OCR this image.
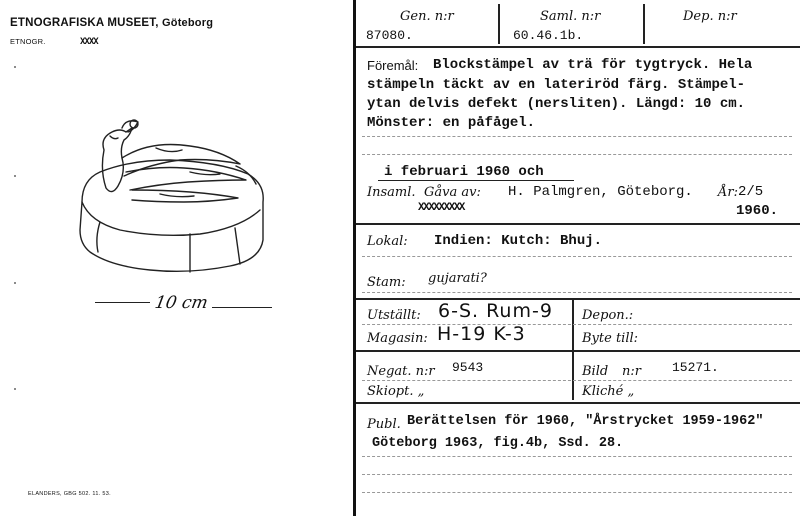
ETNOGRAFISKA MUSEET, Göteborg
ETNOGR.	XXXX
10 cm
ELANDERS, GBG 502. 11. 53.
Gen. n:r	Saml. n:r	Dep. n:r
87080.	60.46.1b.
Föremål: Blockstämpel av trä för tygtryck. Hela
stämpeln täckt av en lateriröd färg. Stämpel-
ytan delvis defekt (nersliten). Längd: 10 cm.
Mönster: en påfågel.
i februari 1960 och
Insaml. Gåva av: H. Palmgren, Göteborg. År: 2/5
XXXXXXXXX	1960.
Lokal: Indien: Kutch: Bhuj.
Stam: gujarati?
Utställt: 6-S. Rum-9 Depon.:
Magasin: H-19 K-3	Byte till:
Negat. n:r 9543	Bild n:r 15271.
Skiopt. „	Kliché „
Publ. Berättelsen för 1960, "Årstrycket 1959-1962"
Göteborg 1963, fig.4b, Ssd. 28.
